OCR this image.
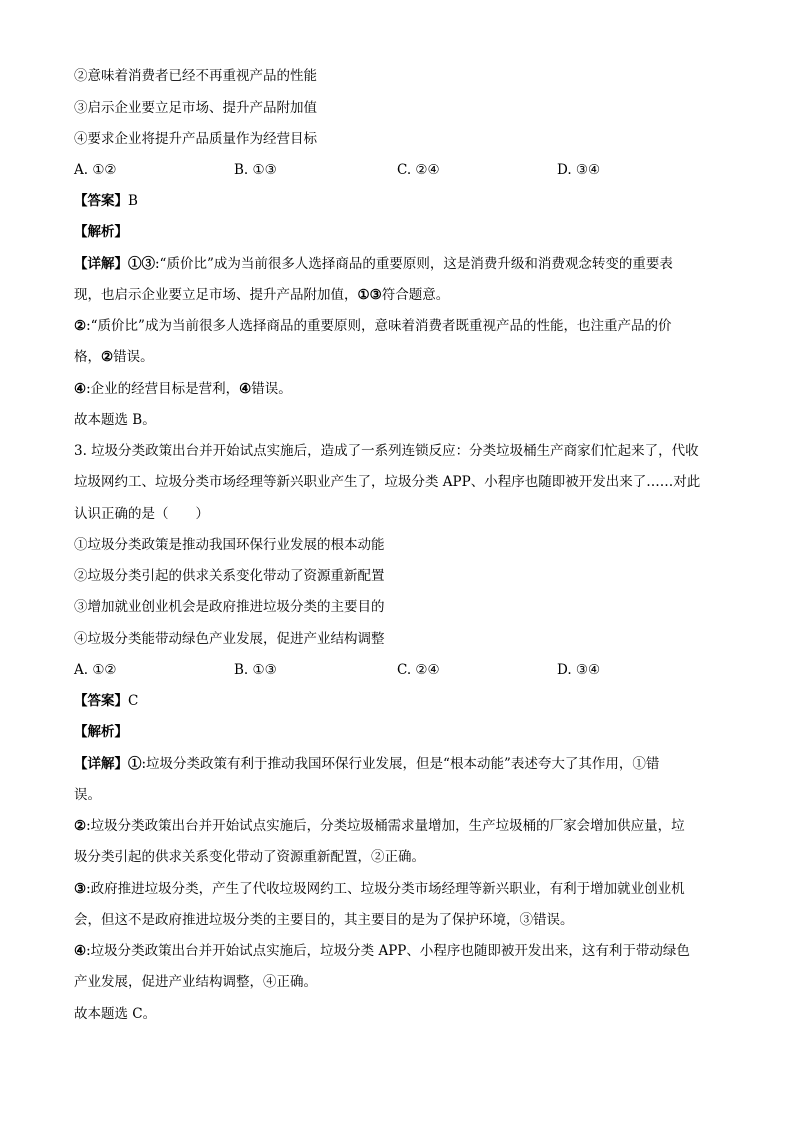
②意味着消费者已经不再重视产品的性能
③启示企业要立足市场、提升产品附加值
④要求企业将提升产品质量作为经营目标
A. ①②	B. ①③	C. ②④	D. ③④
【答案】B
【解析】
【详解】①③:“质价比”成为当前很多人选择商品的重要原则，这是消费升级和消费观念转变的重要表
现，也启示企业要立足市场、提升产品附加值，①③符合题意。
②:“质价比”成为当前很多人选择商品的重要原则，意味着消费者既重视产品的性能，也注重产品的价
格，②错误。
④:企业的经营目标是营利，④错误。
故本题选 B。
3. 垃圾分类政策出台并开始试点实施后，造成了一系列连锁反应：分类垃圾桶生产商家们忙起来了，代收
垃圾网约工、垃圾分类市场经理等新兴职业产生了，垃圾分类 APP、小程序也随即被开发出来了……对此
认识正确的是（　　）
①垃圾分类政策是推动我国环保行业发展的根本动能
②垃圾分类引起的供求关系变化带动了资源重新配置
③增加就业创业机会是政府推进垃圾分类的主要目的
④垃圾分类能带动绿色产业发展，促进产业结构调整
A. ①②	B. ①③	C. ②④	D. ③④
【答案】C
【解析】
【详解】①:垃圾分类政策有利于推动我国环保行业发展，但是“根本动能”表述夸大了其作用，①错
误。
②:垃圾分类政策出台并开始试点实施后，分类垃圾桶需求量增加，生产垃圾桶的厂家会增加供应量，垃
圾分类引起的供求关系变化带动了资源重新配置，②正确。
③:政府推进垃圾分类，产生了代收垃圾网约工、垃圾分类市场经理等新兴职业，有利于增加就业创业机
会，但这不是政府推进垃圾分类的主要目的，其主要目的是为了保护环境，③错误。
④:垃圾分类政策出台并开始试点实施后，垃圾分类 APP、小程序也随即被开发出来，这有利于带动绿色
产业发展，促进产业结构调整，④正确。
故本题选 C。
